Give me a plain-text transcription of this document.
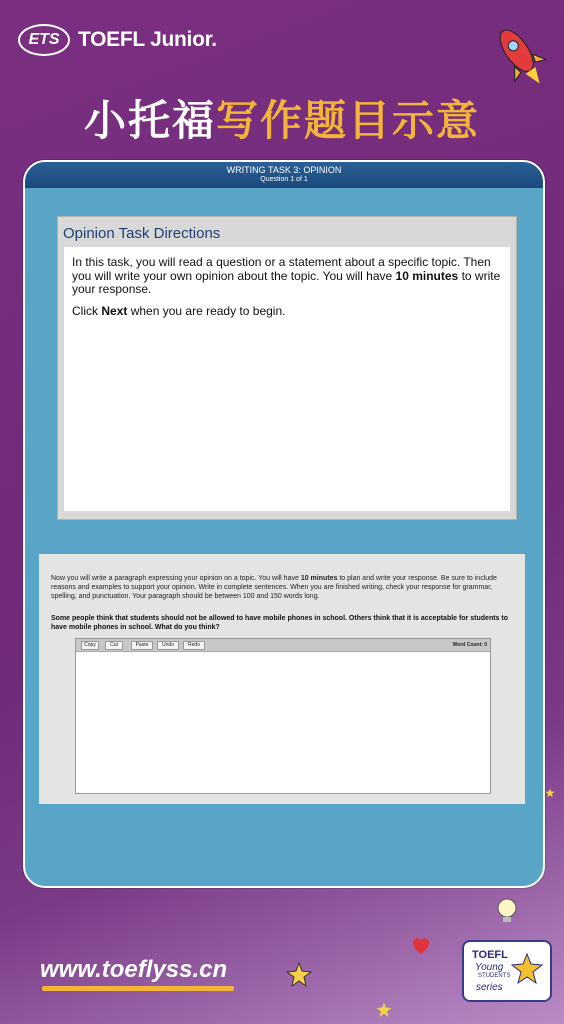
ETS TOEFL Junior.
小托福写作题目示意
WRITING TASK 3: OPINION
Question 1 of 1
Opinion Task Directions

In this task, you will read a question or a statement about a specific topic. Then you will write your own opinion about the topic. You will have 10 minutes to write your response.

Click Next when you are ready to begin.

Now you will write a paragraph expressing your opinion on a topic. You will have 10 minutes to plan and write your response. Be sure to include reasons and examples to support your opinion. Write in complete sentences. When you are finished writing, check your response for grammar, spelling, and punctuation. Your paragraph should be between 100 and 150 words long.
Some people think that students should not be allowed to have mobile phones in school. Others think that it is acceptable for students to have mobile phones in school. What do you think?
Copy	Cut	Paste	Undo	Redo	Word Count: 0
www.toeflyss.cn
TOEFL
Young
STUDENTS
series
